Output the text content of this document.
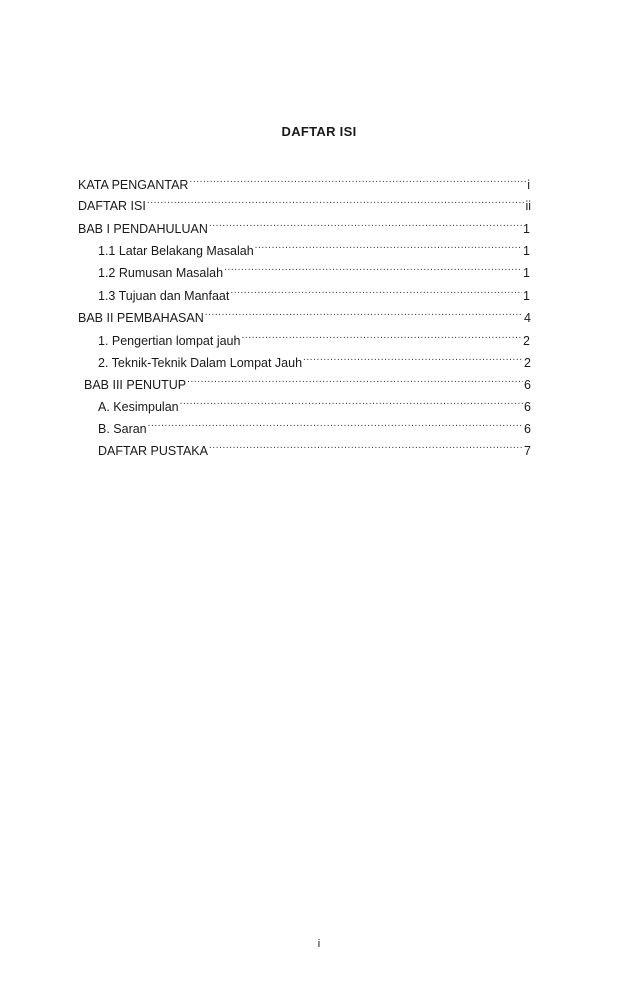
DAFTAR ISI
KATA PENGANTAR .....	i
DAFTAR ISI .....	ii
BAB I PENDAHULUAN .....	1
1.1 Latar Belakang Masalah .....	1
1.2 Rumusan Masalah .....	1
1.3 Tujuan dan Manfaat .....	1
BAB II PEMBAHASAN .....	4
1. Pengertian lompat jauh .....	2
2. Teknik-Teknik Dalam Lompat Jauh .....	2
BAB III PENUTUP .....	6
A. Kesimpulan .....	6
B. Saran .....	6
DAFTAR PUSTAKA .....	7
i
